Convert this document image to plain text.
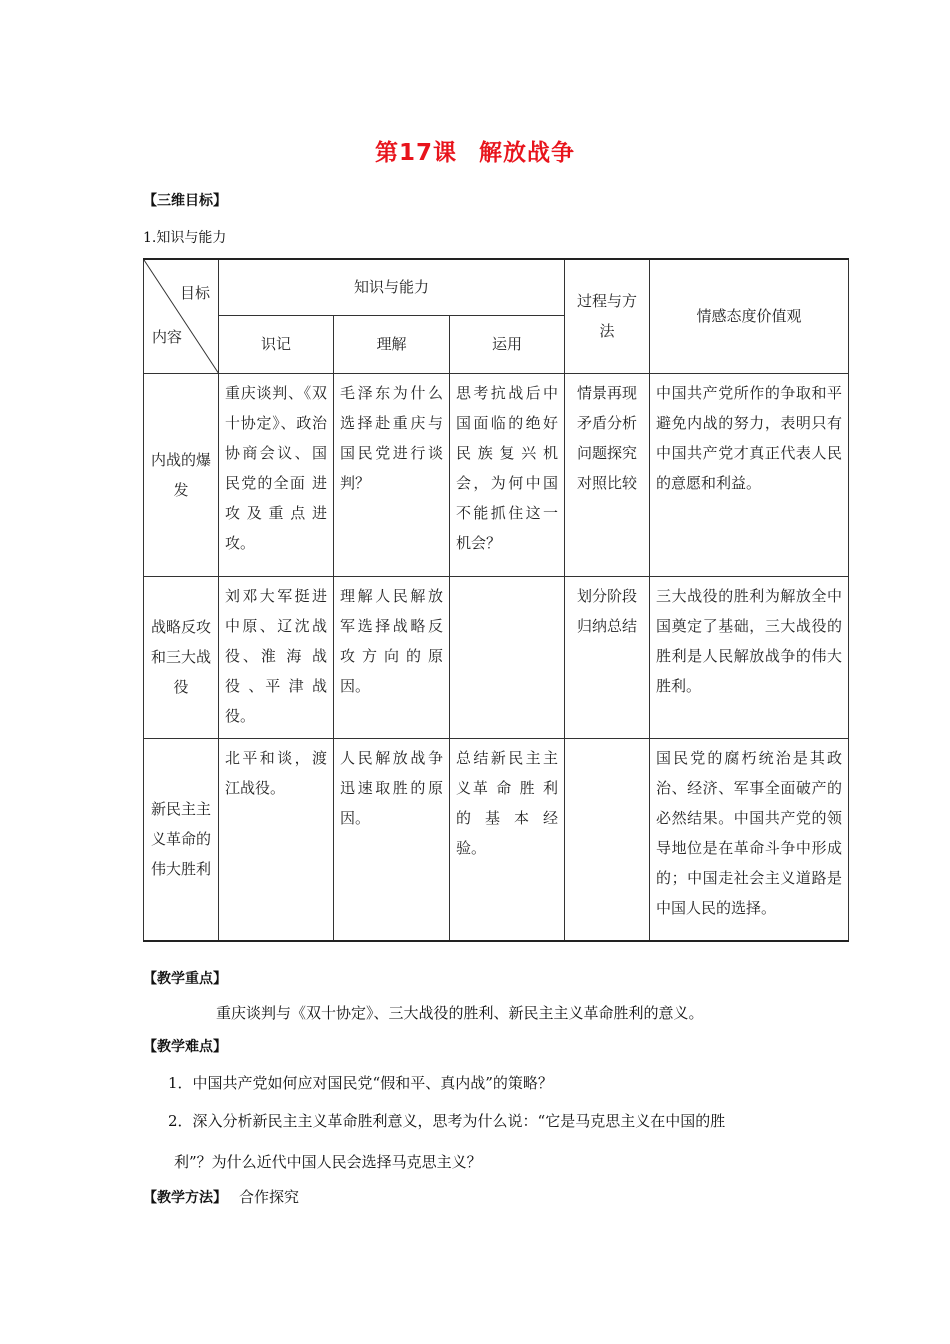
第17课 解放战争
【三维目标】
1.知识与能力
目标
内容	知识与能力			过程与方法	情感态度价值观
	识记	理解	运用		
内战的爆发	重庆谈判、《双十协定》、政治协商会议、国民党的全面 进 攻 及 重 点 进攻。	毛泽东为什么选择赴重庆与国民党进行谈判？	思考抗战后中国面临的绝好民族复兴机会，为何中国不能抓住这一机会？	情景再现 矛盾分析 问题探究 对照比较	中国共产党所作的争取和平避免内战的努力，表明只有中国共产党才真正代表人民的意愿和利益。
战略反攻和三大战役	刘邓大军挺进中原、辽沈战役、淮 海 战 役 、平 津 战役。	理解人民解放军选择战略反攻方向的原因。		划分阶段 归纳总结	三大战役的胜利为解放全中国奠定了基础，三大战役的胜利是人民解放战争的伟大胜利。
新民主主义革命的伟大胜利	北平和谈，渡江战役。	人民解放战争迅速取胜的原因。	总结新民主主义革 命 胜 利 的 基 本 经验。		国民党的腐朽统治是其政治、经济、军事全面破产的必然结果。中国共产党的领导地位是在革命斗争中形成的；中国走社会主义道路是中国人民的选择。
【教学重点】
重庆谈判与《双十协定》、三大战役的胜利、新民主主义革命胜利的意义。
【教学难点】
1．中国共产党如何应对国民党“假和平、真内战”的策略？
2．深入分析新民主主义革命胜利意义，思考为什么说：“它是马克思主义在中国的胜
利”？为什么近代中国人民会选择马克思主义？
【教学方法】 合作探究
